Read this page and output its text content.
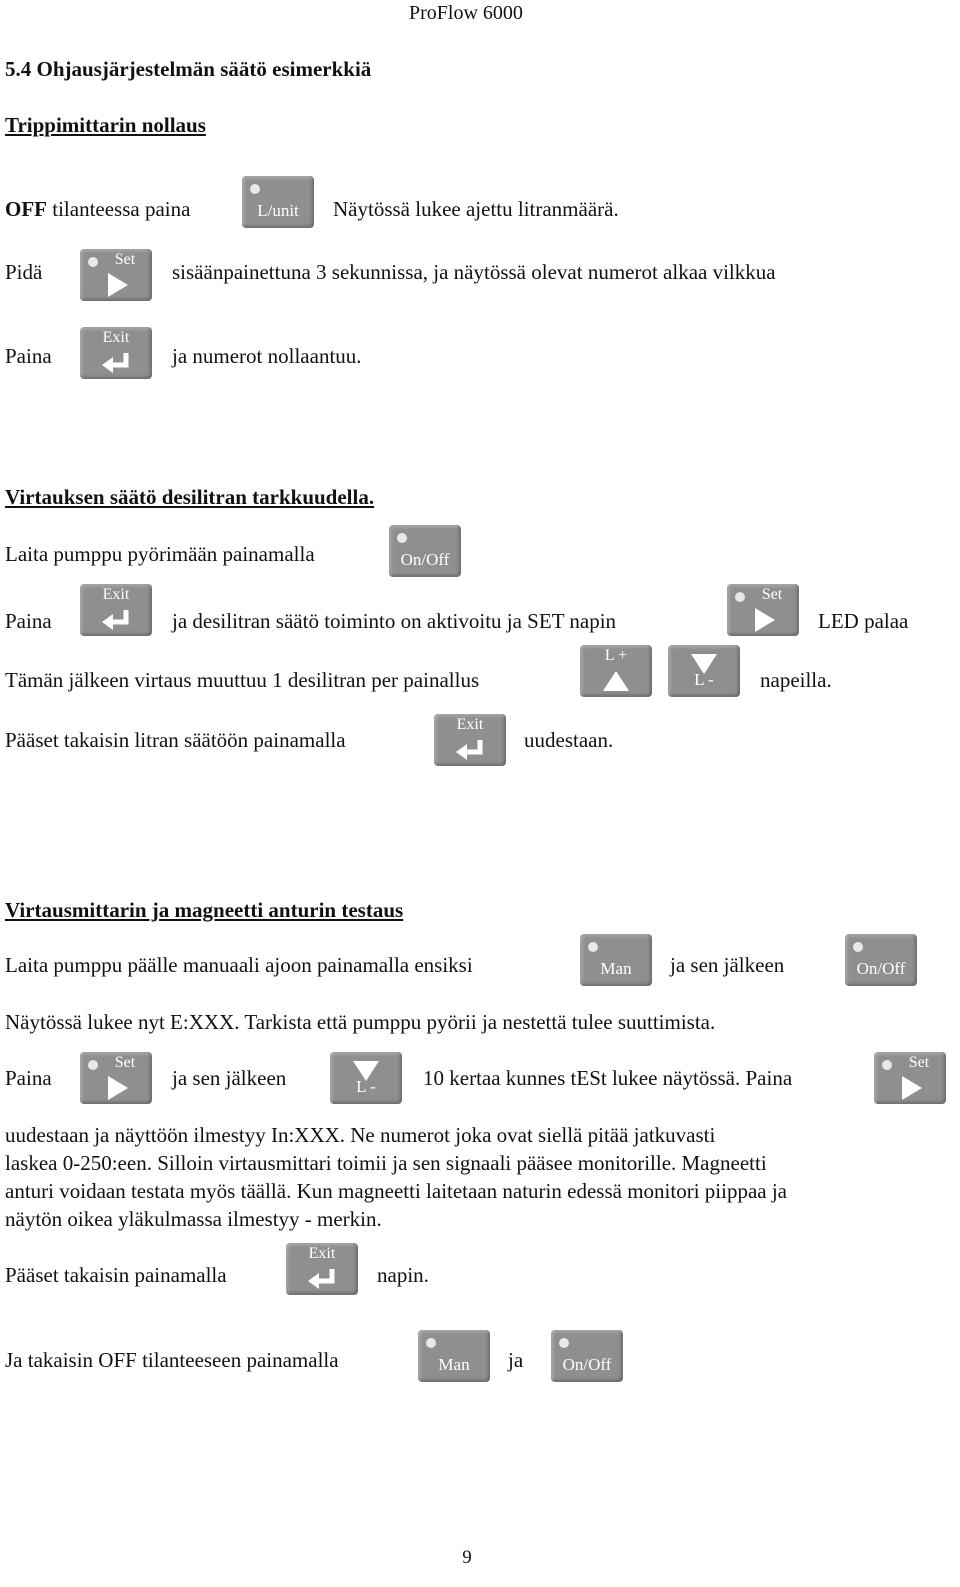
ProFlow 6000
5.4 Ohjausjärjestelmän säätö esimerkkiä
Trippimittarin nollaus
OFF tilanteessa paina	L/unit	Näytössä lukee ajettu litranmäärä.
Pidä
Set
sisäänpainettuna 3 sekunnissa, ja näytössä olevat numerot alkaa vilkkua
Paina
Exit
ja numerot nollaantuu.
Virtauksen säätö desilitran tarkkuudella.
Laita pumppu pyörimään painamalla	On/Off
Paina
Exit
ja desilitran säätö toiminto on aktivoitu ja SET napin
Set
LED palaa
Tämän jälkeen virtaus muuttuu 1 desilitran per painallus
L +
L -	napeilla.
Pääset takaisin litran säätöön painamalla
Exit
uudestaan.
Virtausmittarin ja magneetti anturin testaus
Laita pumppu päälle manuaali ajoon painamalla ensiksi	Man	ja sen jälkeen	On/Off
Näytössä lukee nyt E:XXX. Tarkista että pumppu pyörii ja nestettä tulee suuttimista.
Paina
Set
ja sen jälkeen	L -	10 kertaa kunnes tESt lukee näytössä. Paina
Set
uudestaan ja näyttöön ilmestyy In:XXX. Ne numerot joka ovat siellä pitää jatkuvasti
laskea 0-250:een. Silloin virtausmittari toimii ja sen signaali pääsee monitorille. Magneetti
anturi voidaan testata myös täällä. Kun magneetti laitetaan naturin edessä monitori piippaa ja
näytön oikea yläkulmassa ilmestyy - merkin.
Pääset takaisin painamalla
Exit
napin.
Ja takaisin OFF tilanteeseen painamalla	Man	ja	On/Off
9
